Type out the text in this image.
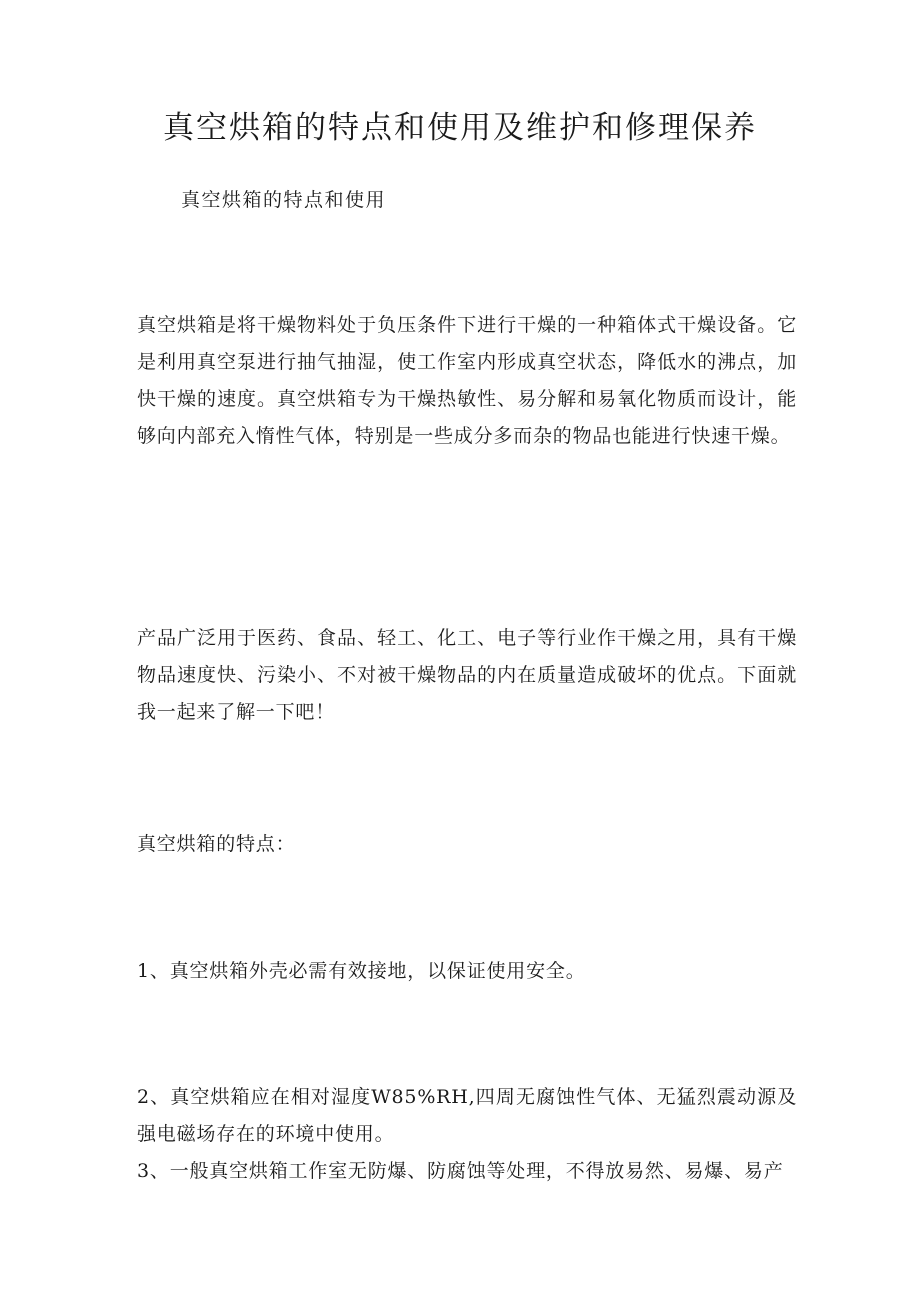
真空烘箱的特点和使用及维护和修理保养
真空烘箱的特点和使用

真空烘箱是将干燥物料处于负压条件下进行干燥的一种箱体式干燥设备。它是利用真空泵进行抽气抽湿，使工作室内形成真空状态，降低水的沸点，加快干燥的速度。真空烘箱专为干燥热敏性、易分解和易氧化物质而设计，能够向内部充入惰性气体，特别是一些成分多而杂的物品也能进行快速干燥。

产品广泛用于医药、食品、轻工、化工、电子等行业作干燥之用，具有干燥物品速度快、污染小、不对被干燥物品的内在质量造成破坏的优点。下面就我一起来了解一下吧！

真空烘箱的特点：

1、真空烘箱外壳必需有效接地，以保证使用安全。

2、真空烘箱应在相对湿度W85%RH,四周无腐蚀性气体、无猛烈震动源及强电磁场存在的环境中使用。

3、一般真空烘箱工作室无防爆、防腐蚀等处理，不得放易然、易爆、易产
